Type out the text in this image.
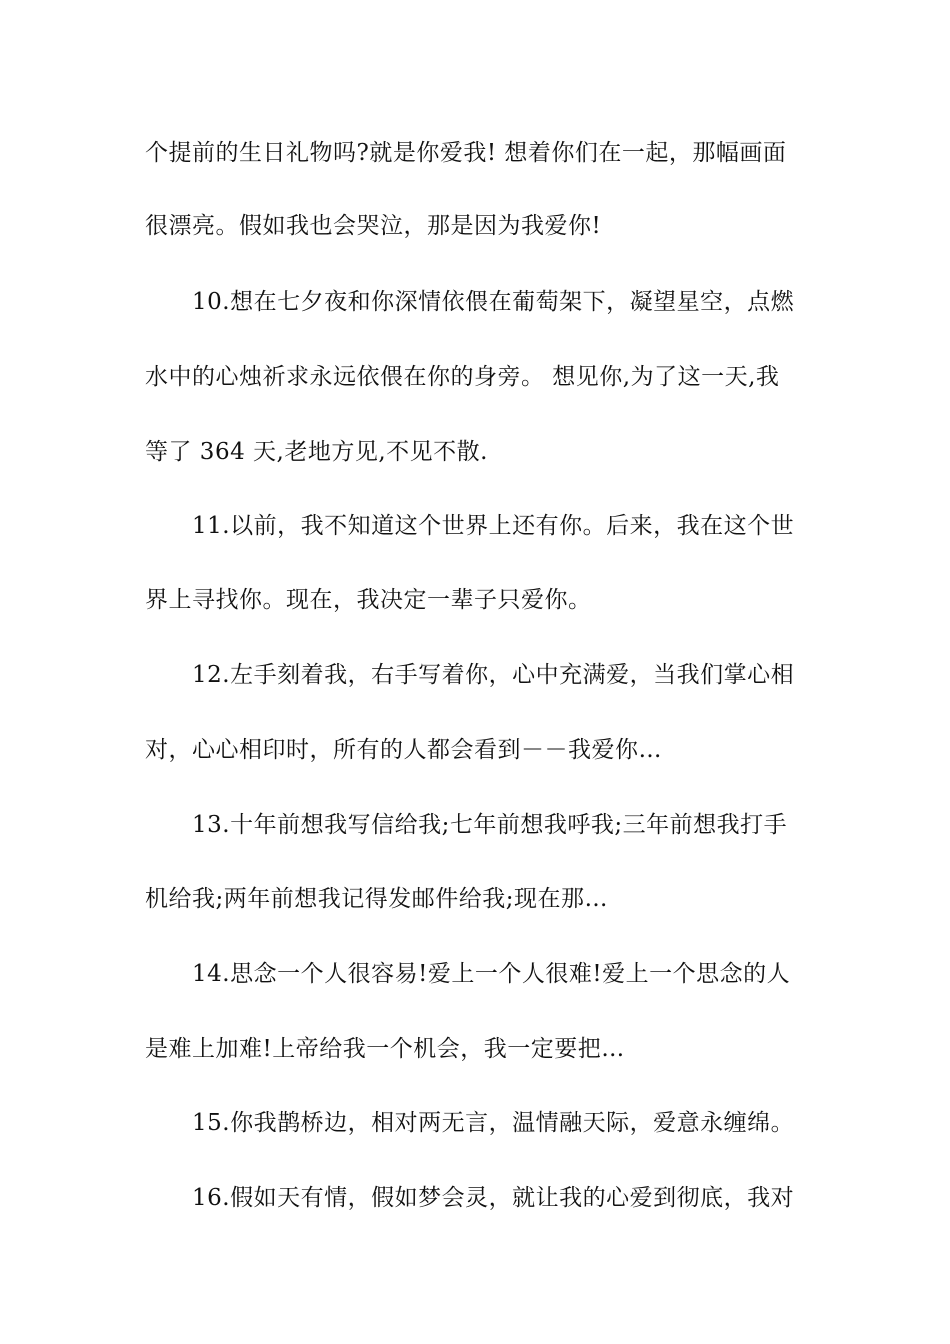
个提前的生日礼物吗?就是你爱我! 想着你们在一起，那幅画面
很漂亮。假如我也会哭泣，那是因为我爱你!
10.想在七夕夜和你深情依偎在葡萄架下，凝望星空，点燃
水中的心烛祈求永远依偎在你的身旁。 想见你,为了这一天,我
等了 364 天,老地方见,不见不散.
11.以前，我不知道这个世界上还有你。后来，我在这个世
界上寻找你。现在，我决定一辈子只爱你。
12.左手刻着我，右手写着你，心中充满爱，当我们掌心相
对，心心相印时，所有的人都会看到－－我爱你…
13.十年前想我写信给我;七年前想我呼我;三年前想我打手
机给我;两年前想我记得发邮件给我;现在那…
14.思念一个人很容易!爱上一个人很难!爱上一个思念的人
是难上加难!上帝给我一个机会，我一定要把…
15.你我鹊桥边，相对两无言，温情融天际，爱意永缠绵。
16.假如天有情，假如梦会灵，就让我的心爱到彻底，我对
